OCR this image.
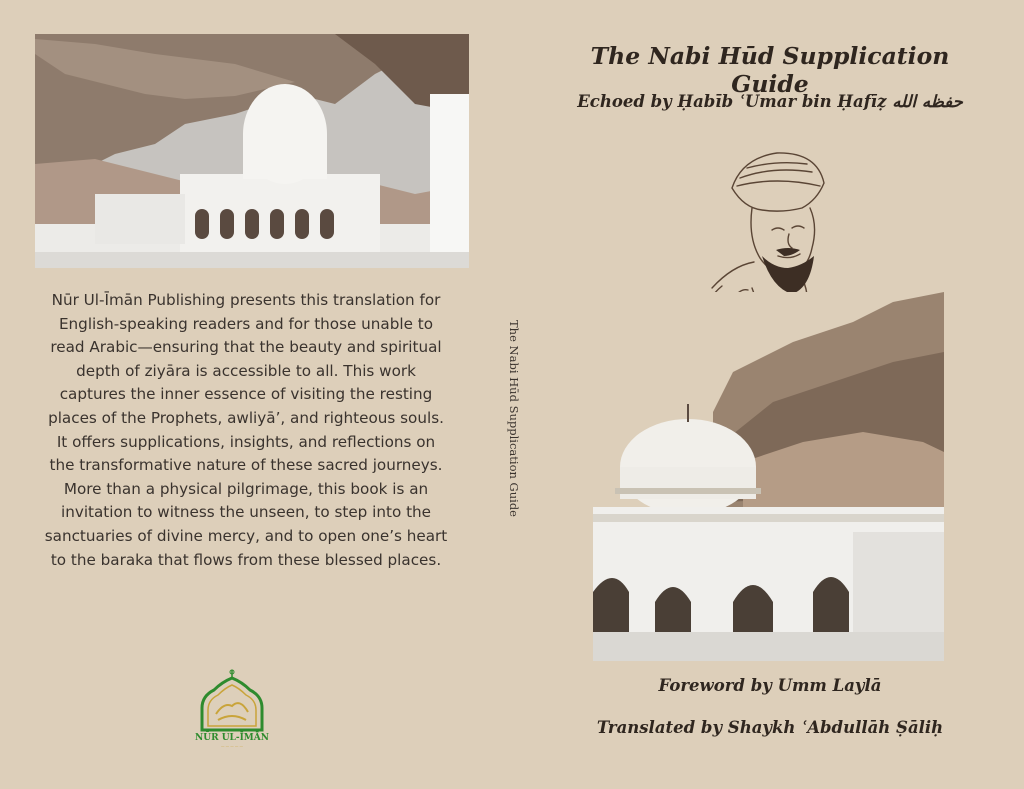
Nūr Ul-Īmān Publishing presents this translation for English-speaking readers and for those unable to read Arabic—ensuring that the beauty and spiritual depth of ziyāra is accessible to all. This work captures the inner essence of visiting the resting places of the Prophets, awliyā’, and righteous souls. It offers supplications, insights, and reflections on the transformative nature of these sacred journeys.

More than a physical pilgrimage, this book is an invitation to witness the unseen, to step into the sanctuaries of divine mercy, and to open one’s heart to the baraka that flows from these blessed places.

NŪR UL-ĪMĀN
— — — — —
The Nabi Hūd Supplication Guide
The Nabi Hūd Supplication Guide
Echoed by Ḥabīb ʿUmar bin Ḥafīẓ حفظه الله
Foreword by Umm Laylā
Translated by Shaykh ʿAbdullāh Ṣāliḥ
